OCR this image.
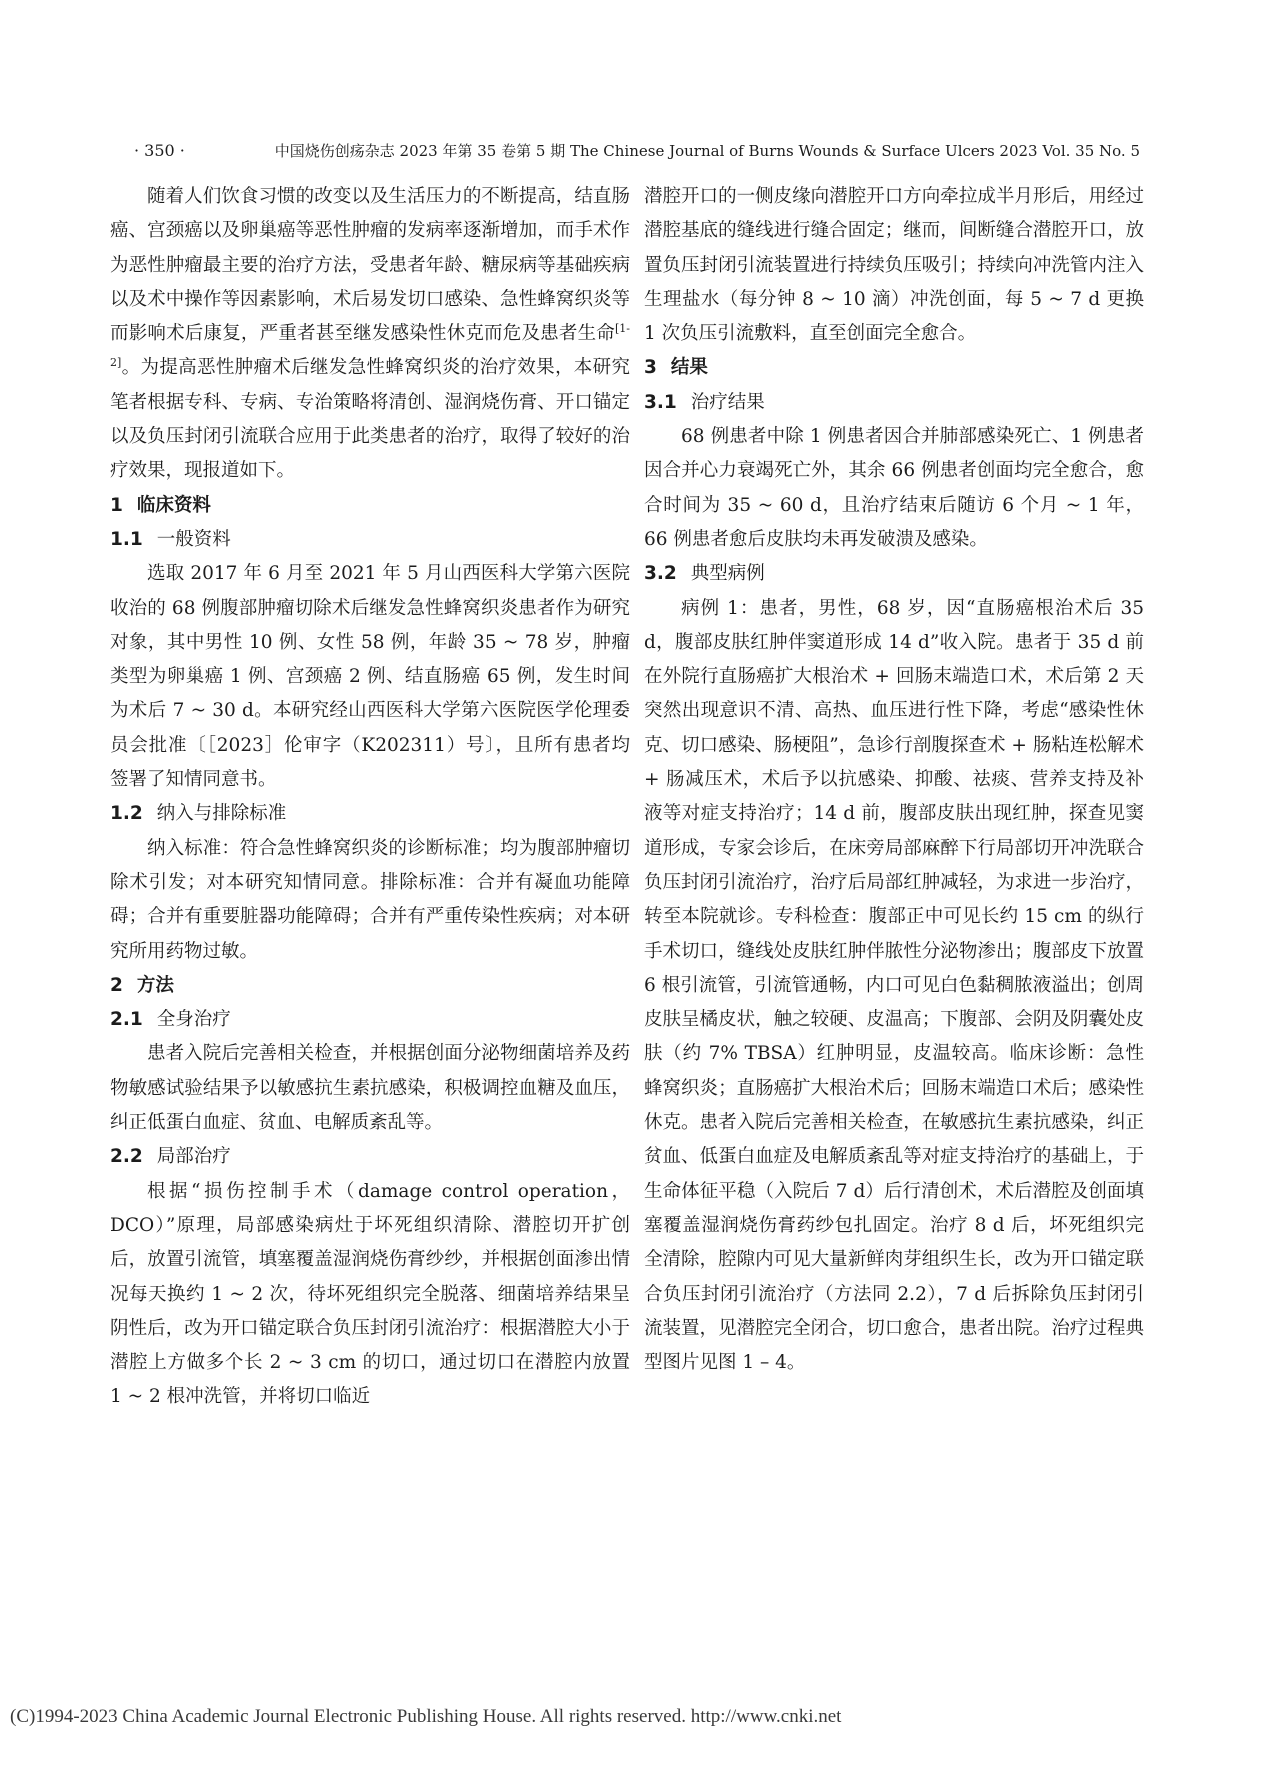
· 350 ·	中国烧伤创疡杂志 2023 年第 35 卷第 5 期 The Chinese Journal of Burns Wounds & Surface Ulcers 2023 Vol. 35 No. 5

随着人们饮食习惯的改变以及生活压力的不断提高，结直肠癌、宫颈癌以及卵巢癌等恶性肿瘤的发病率逐渐增加，而手术作为恶性肿瘤最主要的治疗方法，受患者年龄、糖尿病等基础疾病以及术中操作等因素影响，术后易发切口感染、急性蜂窝织炎等而影响术后康复，严重者甚至继发感染性休克而危及患者生命[1-2]。为提高恶性肿瘤术后继发急性蜂窝织炎的治疗效果，本研究笔者根据专科、专病、专治策略将清创、湿润烧伤膏、开口锚定以及负压封闭引流联合应用于此类患者的治疗，取得了较好的治疗效果，现报道如下。

1 临床资料
1.1 一般资料

选取 2017 年 6 月至 2021 年 5 月山西医科大学第六医院收治的 68 例腹部肿瘤切除术后继发急性蜂窝织炎患者作为研究对象，其中男性 10 例、女性 58 例，年龄 35 ~ 78 岁，肿瘤类型为卵巢癌 1 例、宫颈癌 2 例、结直肠癌 65 例，发生时间为术后 7 ~ 30 d。本研究经山西医科大学第六医院医学伦理委员会批准〔［2023］伦审字（K202311）号〕，且所有患者均签署了知情同意书。

1.2 纳入与排除标准

纳入标准：符合急性蜂窝织炎的诊断标准；均为腹部肿瘤切除术引发；对本研究知情同意。排除标准：合并有凝血功能障碍；合并有重要脏器功能障碍；合并有严重传染性疾病；对本研究所用药物过敏。

2 方法
2.1 全身治疗

患者入院后完善相关检查，并根据创面分泌物细菌培养及药物敏感试验结果予以敏感抗生素抗感染，积极调控血糖及血压，纠正低蛋白血症、贫血、电解质紊乱等。

2.2 局部治疗

根据“损伤控制手术（damage control operation，DCO）”原理，局部感染病灶于坏死组织清除、潜腔切开扩创后，放置引流管，填塞覆盖湿润烧伤膏纱纱，并根据创面渗出情况每天换约 1 ~ 2 次，待坏死组织完全脱落、细菌培养结果呈阴性后，改为开口锚定联合负压封闭引流治疗：根据潜腔大小于潜腔上方做多个长 2 ~ 3 cm 的切口，通过切口在潜腔内放置 1 ~ 2 根冲洗管，并将切口临近

潜腔开口的一侧皮缘向潜腔开口方向牵拉成半月形后，用经过潜腔基底的缝线进行缝合固定；继而，间断缝合潜腔开口，放置负压封闭引流装置进行持续负压吸引；持续向冲洗管内注入生理盐水（每分钟 8 ~ 10 滴）冲洗创面，每 5 ~ 7 d 更换 1 次负压引流敷料，直至创面完全愈合。

3 结果
3.1 治疗结果

68 例患者中除 1 例患者因合并肺部感染死亡、1 例患者因合并心力衰竭死亡外，其余 66 例患者创面均完全愈合，愈合时间为 35 ~ 60 d，且治疗结束后随访 6 个月 ~ 1 年，66 例患者愈后皮肤均未再发破溃及感染。

3.2 典型病例

病例 1：患者，男性，68 岁，因“直肠癌根治术后 35 d，腹部皮肤红肿伴窦道形成 14 d”收入院。患者于 35 d 前在外院行直肠癌扩大根治术 + 回肠末端造口术，术后第 2 天突然出现意识不清、高热、血压进行性下降，考虑“感染性休克、切口感染、肠梗阻”，急诊行剖腹探查术 + 肠粘连松解术 + 肠减压术，术后予以抗感染、抑酸、祛痰、营养支持及补液等对症支持治疗；14 d 前，腹部皮肤出现红肿，探查见窦道形成，专家会诊后，在床旁局部麻醉下行局部切开冲洗联合负压封闭引流治疗，治疗后局部红肿减轻，为求进一步治疗，转至本院就诊。专科检查：腹部正中可见长约 15 cm 的纵行手术切口，缝线处皮肤红肿伴脓性分泌物渗出；腹部皮下放置 6 根引流管，引流管通畅，内口可见白色黏稠脓液溢出；创周皮肤呈橘皮状，触之较硬、皮温高；下腹部、会阴及阴囊处皮肤（约 7% TBSA）红肿明显，皮温较高。临床诊断：急性蜂窝织炎；直肠癌扩大根治术后；回肠末端造口术后；感染性休克。患者入院后完善相关检查，在敏感抗生素抗感染，纠正贫血、低蛋白血症及电解质紊乱等对症支持治疗的基础上，于生命体征平稳（入院后 7 d）后行清创术，术后潜腔及创面填塞覆盖湿润烧伤膏药纱包扎固定。治疗 8 d 后，坏死组织完全清除，腔隙内可见大量新鲜肉芽组织生长，改为开口锚定联合负压封闭引流治疗（方法同 2.2），7 d 后拆除负压封闭引流装置，见潜腔完全闭合，切口愈合，患者出院。治疗过程典型图片见图 1 – 4。

(C)1994-2023 China Academic Journal Electronic Publishing House. All rights reserved. http://www.cnki.net
